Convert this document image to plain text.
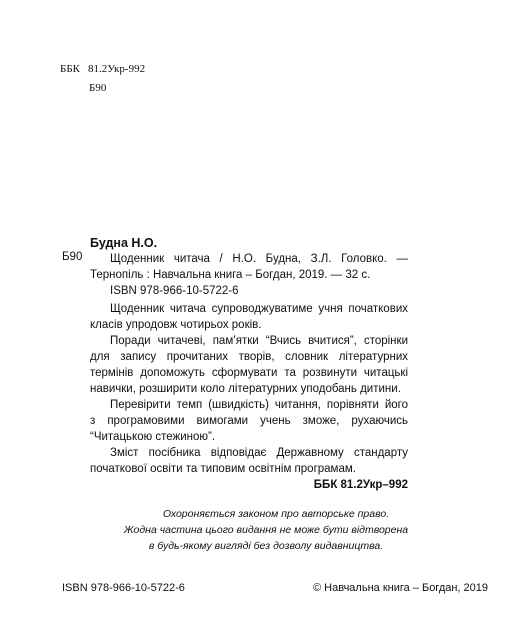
ББК 81.2Укр-992
Б90
Будна Н.О.
Б90	Щоденник читача / Н.О. Будна, З.Л. Головко. —
Тернопіль : Навчальна книга – Богдан, 2019. — 32 с.
ISBN 978-966-10-5722-6
Щоденник читача супроводжуватиме учня початкових
класів упродовж чотирьох років.
Поради читачеві, пам’ятки “Вчись вчитися”, сторінки
для запису прочитаних творів, словник літературних
термінів допоможуть сформувати та розвинути читацькі
навички, розширити коло літературних уподобань дитини.
Перевірити темп (швидкість) читання, порівняти його
з програмовими вимогами учень зможе, рухаючись
“Читацькою стежиною”.
Зміст посібника відповідає Державному стандарту
початкової освіти та типовим освітнім програмам.
ББК 81.2Укр–992
Охороняється законом про авторське право.
Жодна частина цього видання не може бути відтворена
в будь-якому вигляді без дозволу видавництва.
ISBN 978-966-10-5722-6	© Навчальна книга – Богдан, 2019
